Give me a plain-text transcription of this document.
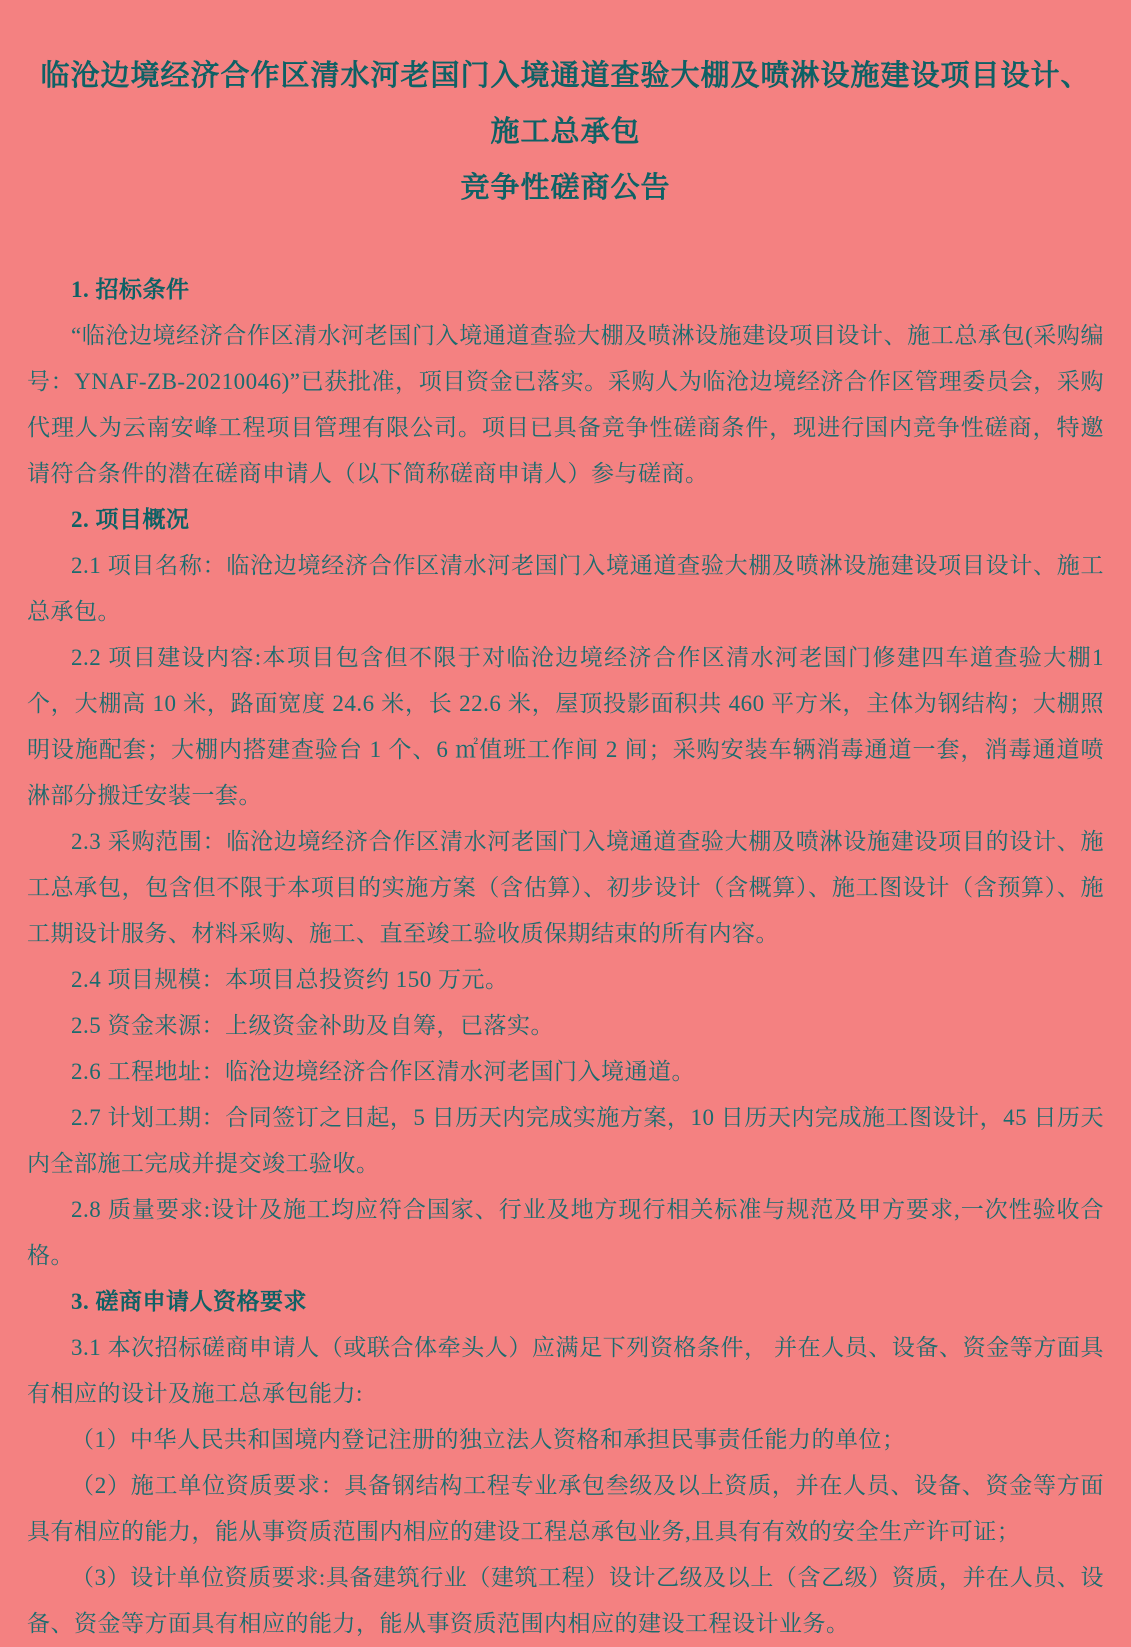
临沧边境经济合作区清水河老国门入境通道查验大棚及喷淋设施建设项目设计、施工总承包
竞争性磋商公告

1. 招标条件

“临沧边境经济合作区清水河老国门入境通道查验大棚及喷淋设施建设项目设计、施工总承包(采购编号：YNAF-ZB-20210046)”已获批准，项目资金已落实。采购人为临沧边境经济合作区管理委员会，采购代理人为云南安峰工程项目管理有限公司。项目已具备竞争性磋商条件，现进行国内竞争性磋商，特邀请符合条件的潜在磋商申请人（以下简称磋商申请人）参与磋商。

2. 项目概况

2.1 项目名称：临沧边境经济合作区清水河老国门入境通道查验大棚及喷淋设施建设项目设计、施工总承包。

2.2 项目建设内容:本项目包含但不限于对临沧边境经济合作区清水河老国门修建四车道查验大棚1个，大棚高 10 米，路面宽度 24.6 米，长 22.6 米，屋顶投影面积共 460 平方米，主体为钢结构；大棚照明设施配套；大棚内搭建查验台 1 个、6 ㎡值班工作间 2 间；采购安装车辆消毒通道一套，消毒通道喷淋部分搬迁安装一套。

2.3 采购范围：临沧边境经济合作区清水河老国门入境通道查验大棚及喷淋设施建设项目的设计、施工总承包，包含但不限于本项目的实施方案（含估算）、初步设计（含概算）、施工图设计（含预算）、施工期设计服务、材料采购、施工、直至竣工验收质保期结束的所有内容。

2.4 项目规模：本项目总投资约 150 万元。

2.5 资金来源：上级资金补助及自筹，已落实。

2.6 工程地址：临沧边境经济合作区清水河老国门入境通道。

2.7 计划工期：合同签订之日起，5 日历天内完成实施方案，10 日历天内完成施工图设计，45 日历天内全部施工完成并提交竣工验收。

2.8 质量要求:设计及施工均应符合国家、行业及地方现行相关标准与规范及甲方要求,一次性验收合格。

3. 磋商申请人资格要求

3.1 本次招标磋商申请人（或联合体牵头人）应满足下列资格条件， 并在人员、设备、资金等方面具有相应的设计及施工总承包能力:

（1）中华人民共和国境内登记注册的独立法人资格和承担民事责任能力的单位；

（2）施工单位资质要求：具备钢结构工程专业承包叁级及以上资质，并在人员、设备、资金等方面具有相应的能力，能从事资质范围内相应的建设工程总承包业务,且具有有效的安全生产许可证；

（3）设计单位资质要求:具备建筑行业（建筑工程）设计乙级及以上（含乙级）资质，并在人员、设备、资金等方面具有相应的能力，能从事资质范围内相应的建设工程设计业务。
